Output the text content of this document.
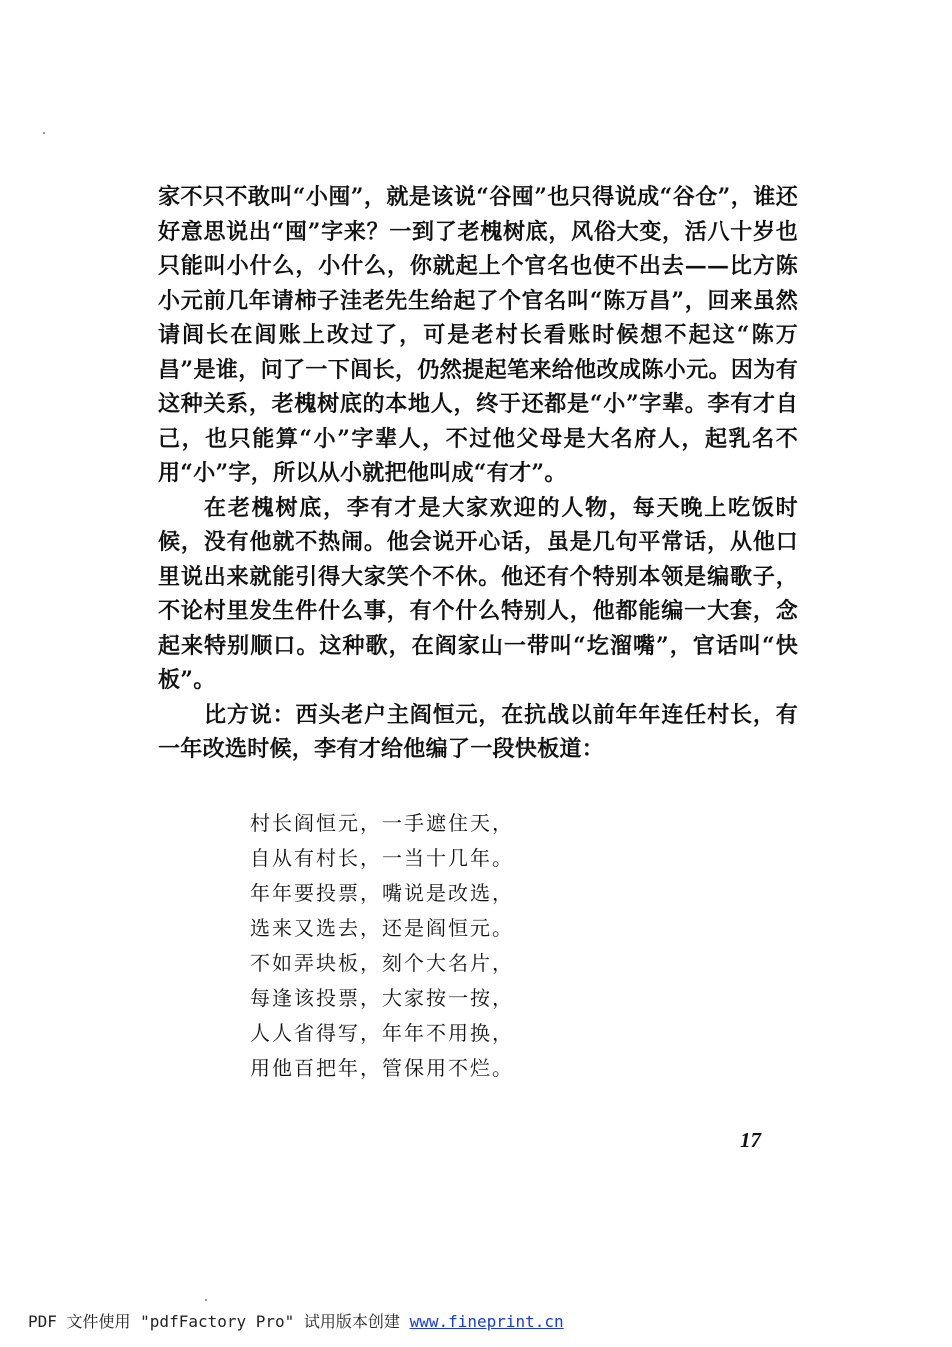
家不只不敢叫“小囤”，就是该说“谷囤”也只得说成“谷仓”，谁还好意思说出“囤”字来？一到了老槐树底，风俗大变，活八十岁也只能叫小什么，小什么，你就起上个官名也使不出去——比方陈小元前几年请柿子洼老先生给起了个官名叫“陈万昌”，回来虽然请闾长在闾账上改过了，可是老村长看账时候想不起这“陈万昌”是谁，问了一下闾长，仍然提起笔来给他改成陈小元。因为有这种关系，老槐树底的本地人，终于还都是“小”字辈。李有才自己，也只能算“小”字辈人，不过他父母是大名府人，起乳名不用“小”字，所以从小就把他叫成“有才”。

在老槐树底，李有才是大家欢迎的人物，每天晚上吃饭时候，没有他就不热闹。他会说开心话，虽是几句平常话，从他口里说出来就能引得大家笑个不休。他还有个特别本领是编歌子，不论村里发生件什么事，有个什么特别人，他都能编一大套，念起来特别顺口。这种歌，在阎家山一带叫“圪溜嘴”，官话叫“快板”。

比方说：西头老户主阎恒元，在抗战以前年年连任村长，有一年改选时候，李有才给他编了一段快板道：

村长阎恒元，一手遮住天，
自从有村长，一当十几年。
年年要投票，嘴说是改选，
选来又选去，还是阎恒元。
不如弄块板，刻个大名片，
每逢该投票，大家按一按，
人人省得写，年年不用换，
用他百把年，管保用不烂。
17
PDF 文件使用 "pdfFactory Pro" 试用版本创建 www.fineprint.cn
